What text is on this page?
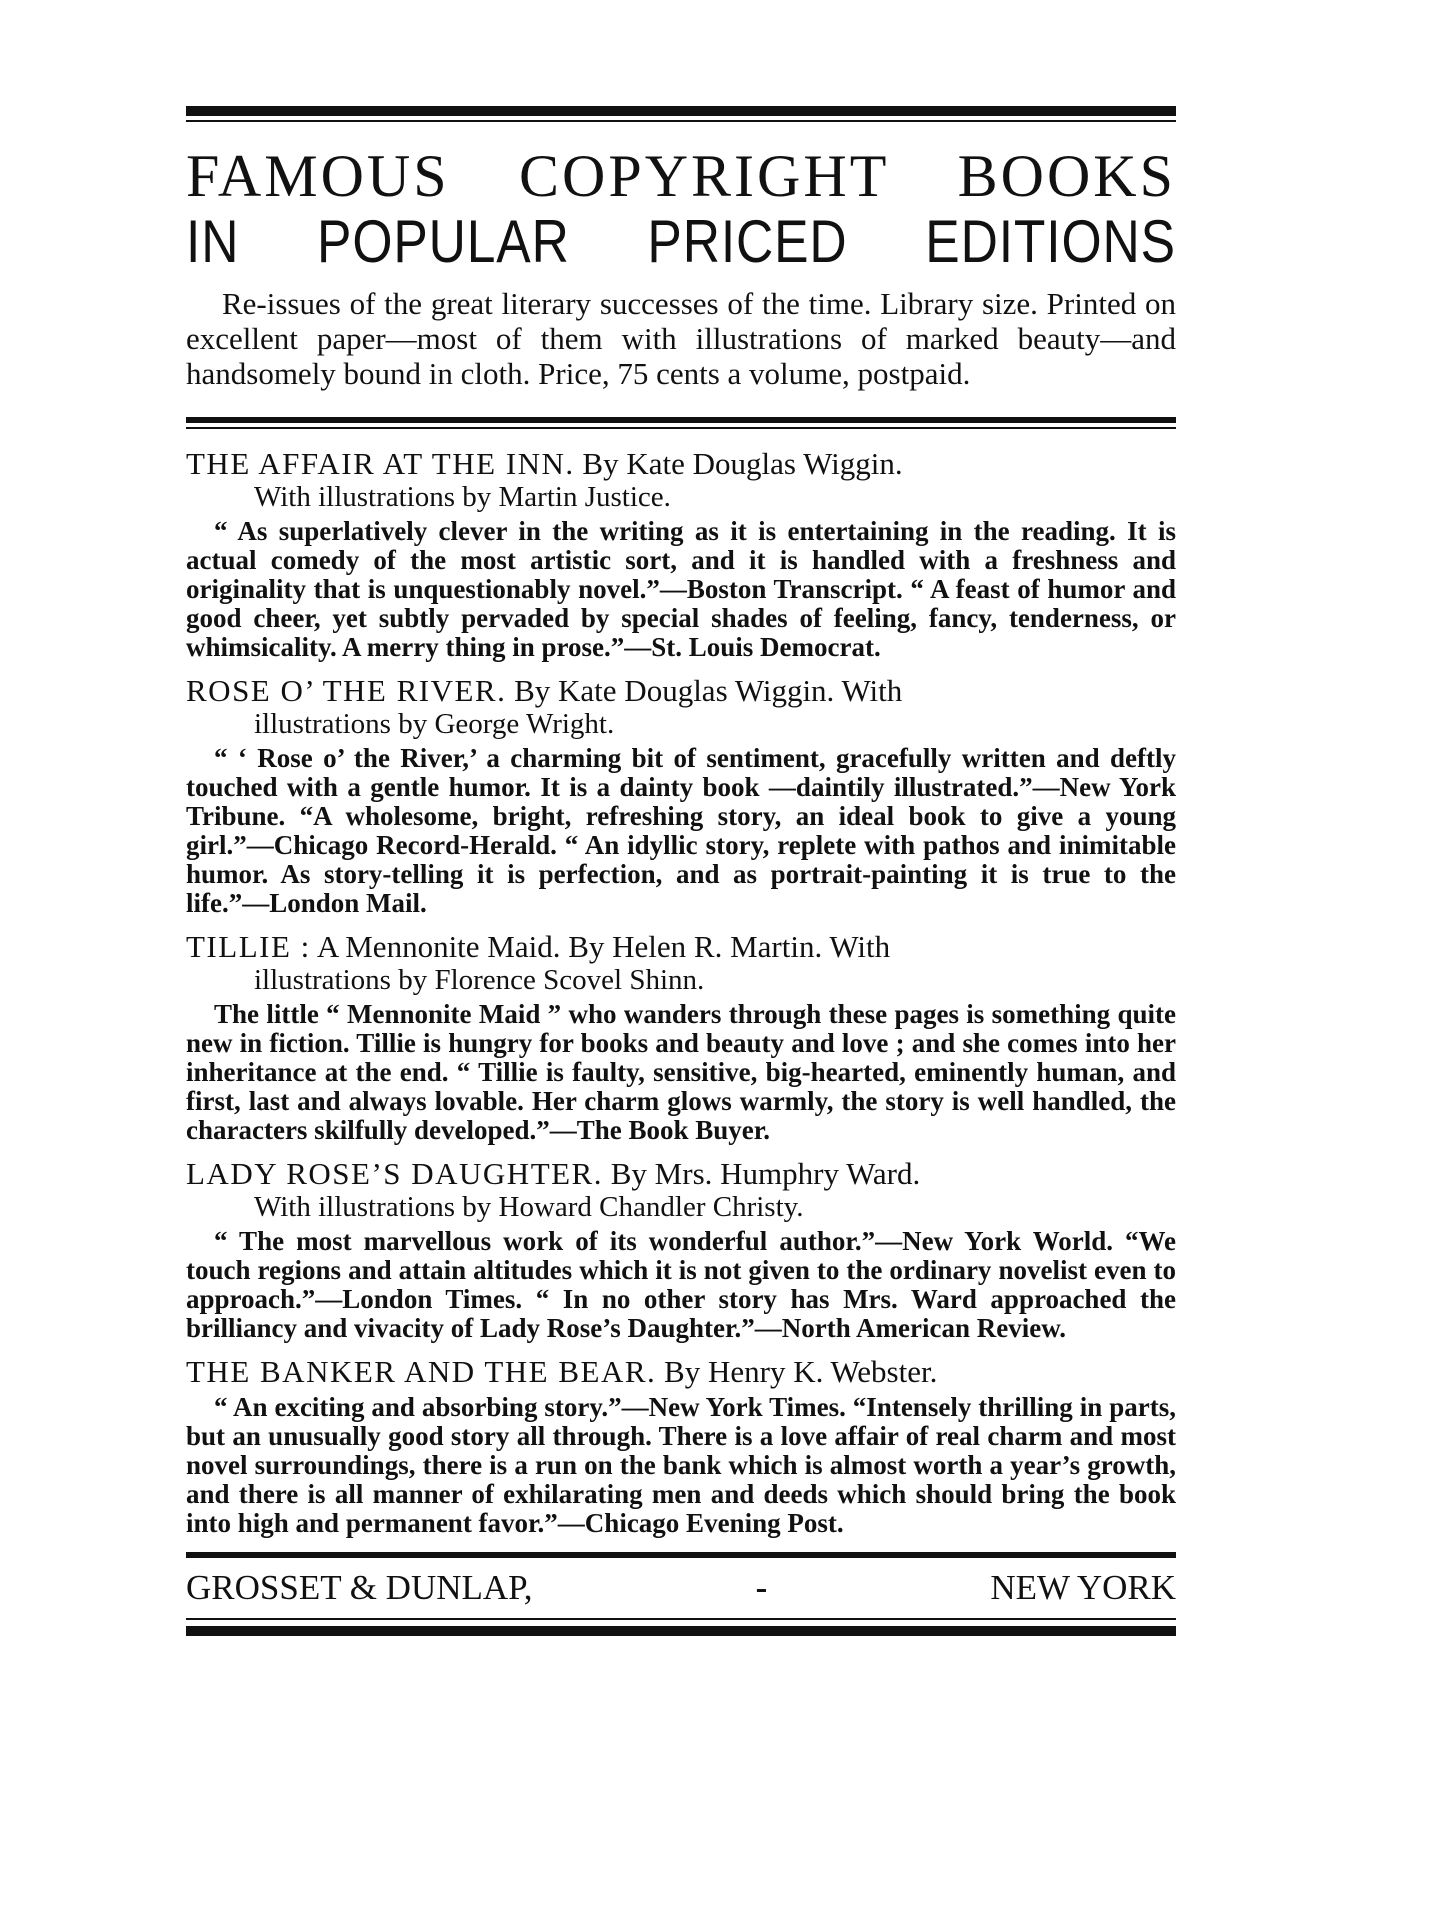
FAMOUS COPYRIGHT BOOKS
IN POPULAR PRICED EDITIONS
Re-issues of the great literary successes of the time. Library size. Printed on excellent paper—most of them with illustrations of marked beauty—and handsomely bound in cloth. Price, 75 cents a volume, postpaid.
THE AFFAIR AT THE INN. By Kate Douglas Wiggin.
With illustrations by Martin Justice.
“ As superlatively clever in the writing as it is entertaining in the reading. It is actual comedy of the most artistic sort, and it is handled with a freshness and originality that is unquestionably novel.”—Boston Transcript. “ A feast of humor and good cheer, yet subtly pervaded by special shades of feeling, fancy, tenderness, or whimsicality. A merry thing in prose.”—St. Louis Democrat.
ROSE O’ THE RIVER. By Kate Douglas Wiggin. With
illustrations by George Wright.
“ ‘ Rose o’ the River,’ a charming bit of sentiment, gracefully written and deftly touched with a gentle humor. It is a dainty book —daintily illustrated.”—New York Tribune. “A wholesome, bright, refreshing story, an ideal book to give a young girl.”—Chicago Record-Herald. “ An idyllic story, replete with pathos and inimitable humor. As story-telling it is perfection, and as portrait-painting it is true to the life.”—London Mail.
TILLIE : A Mennonite Maid. By Helen R. Martin. With
illustrations by Florence Scovel Shinn.
The little “ Mennonite Maid ” who wanders through these pages is something quite new in fiction. Tillie is hungry for books and beauty and love ; and she comes into her inheritance at the end. “ Tillie is faulty, sensitive, big-hearted, eminently human, and first, last and always lovable. Her charm glows warmly, the story is well handled, the characters skilfully developed.”—The Book Buyer.
LADY ROSE’S DAUGHTER. By Mrs. Humphry Ward.
With illustrations by Howard Chandler Christy.
“ The most marvellous work of its wonderful author.”—New York World. “We touch regions and attain altitudes which it is not given to the ordinary novelist even to approach.”—London Times. “ In no other story has Mrs. Ward approached the brilliancy and vivacity of Lady Rose’s Daughter.”—North American Review.
THE BANKER AND THE BEAR. By Henry K. Webster.
“ An exciting and absorbing story.”—New York Times. “Intensely thrilling in parts, but an unusually good story all through. There is a love affair of real charm and most novel surroundings, there is a run on the bank which is almost worth a year’s growth, and there is all manner of exhilarating men and deeds which should bring the book into high and permanent favor.”—Chicago Evening Post.
GROSSET & DUNLAP,	-	NEW YORK
